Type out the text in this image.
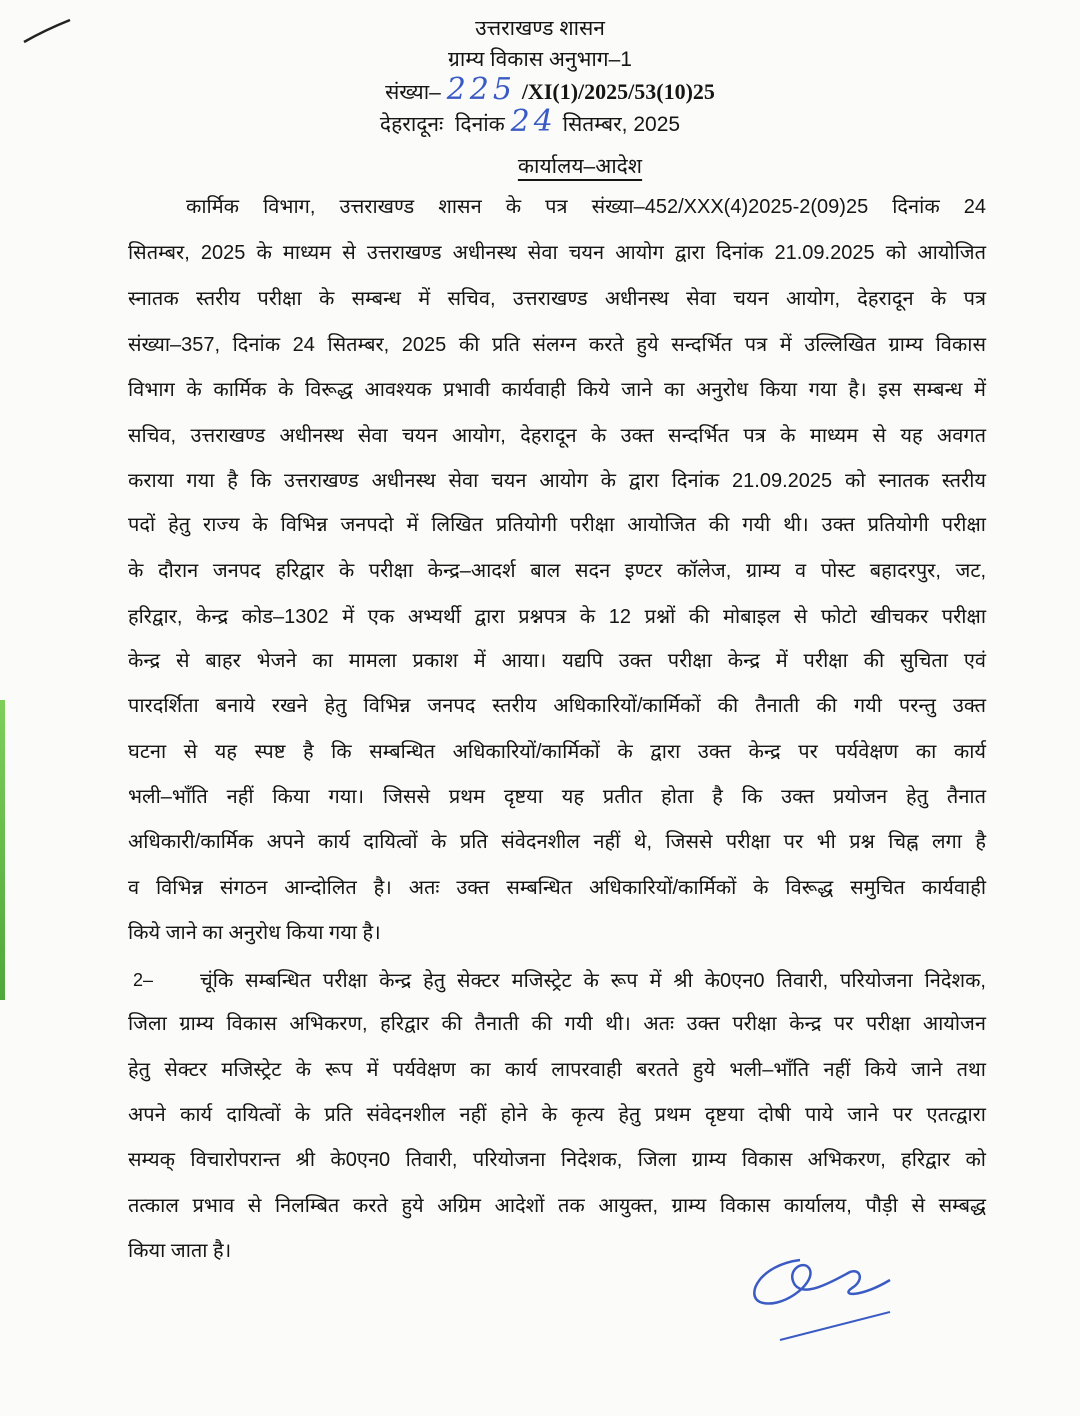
उत्तराखण्ड शासन
ग्राम्य विकास अनुभाग–1
संख्या– 225 /XI(1)/2025/53(10)25
देहरादूनः दिनांक 24 सितम्बर, 2025
कार्यालय–आदेश
कार्मिक विभाग, उत्तराखण्ड शासन के पत्र संख्या–452/XXX(4)2025-2(09)25 दिनांक 24
सितम्बर, 2025 के माध्यम से उत्तराखण्ड अधीनस्थ सेवा चयन आयोग द्वारा दिनांक 21.09.2025 को आयोजित
स्नातक स्तरीय परीक्षा के सम्बन्ध में सचिव, उत्तराखण्ड अधीनस्थ सेवा चयन आयोग, देहरादून के पत्र
संख्या–357, दिनांक 24 सितम्बर, 2025 की प्रति संलग्न करते हुये सन्दर्भित पत्र में उल्लिखित ग्राम्य विकास
विभाग के कार्मिक के विरूद्ध आवश्यक प्रभावी कार्यवाही किये जाने का अनुरोध किया गया है। इस सम्बन्ध में
सचिव, उत्तराखण्ड अधीनस्थ सेवा चयन आयोग, देहरादून के उक्त सन्दर्भित पत्र के माध्यम से यह अवगत
कराया गया है कि उत्तराखण्ड अधीनस्थ सेवा चयन आयोग के द्वारा दिनांक 21.09.2025 को स्नातक स्तरीय
पदों हेतु राज्य के विभिन्न जनपदो में लिखित प्रतियोगी परीक्षा आयोजित की गयी थी। उक्त प्रतियोगी परीक्षा
के दौरान जनपद हरिद्वार के परीक्षा केन्द्र–आदर्श बाल सदन इण्टर कॉलेज, ग्राम्य व पोस्ट बहादरपुर, जट,
हरिद्वार, केन्द्र कोड–1302 में एक अभ्यर्थी द्वारा प्रश्नपत्र के 12 प्रश्नों की मोबाइल से फोटो खीचकर परीक्षा
केन्द्र से बाहर भेजने का मामला प्रकाश में आया। यद्यपि उक्त परीक्षा केन्द्र में परीक्षा की सुचिता एवं
पारदर्शिता बनाये रखने हेतु विभिन्न जनपद स्तरीय अधिकारियों/कार्मिकों की तैनाती की गयी परन्तु उक्त
घटना से यह स्पष्ट है कि सम्बन्धित अधिकारियों/कार्मिकों के द्वारा उक्त केन्द्र पर पर्यवेक्षण का कार्य
भली–भाँति नहीं किया गया। जिससे प्रथम दृष्टया यह प्रतीत होता है कि उक्त प्रयोजन हेतु तैनात
अधिकारी/कार्मिक अपने कार्य दायित्वों के प्रति संवेदनशील नहीं थे, जिससे परीक्षा पर भी प्रश्न चिह्न लगा है
व विभिन्न संगठन आन्दोलित है। अतः उक्त सम्बन्धित अधिकारियों/कार्मिकों के विरूद्ध समुचित कार्यवाही
किये जाने का अनुरोध किया गया है।
चूंकि सम्बन्धित परीक्षा केन्द्र हेतु सेक्टर मजिस्ट्रेट के रूप में श्री के0एन0 तिवारी, परियोजना निदेशक,
जिला ग्राम्य विकास अभिकरण, हरिद्वार की तैनाती की गयी थी। अतः उक्त परीक्षा केन्द्र पर परीक्षा आयोजन
हेतु सेक्टर मजिस्ट्रेट के रूप में पर्यवेक्षण का कार्य लापरवाही बरतते हुये भली–भाँति नहीं किये जाने तथा
अपने कार्य दायित्वों के प्रति संवेदनशील नहीं होने के कृत्य हेतु प्रथम दृष्टया दोषी पाये जाने पर एतत्द्वारा
सम्यक् विचारोपरान्त श्री के0एन0 तिवारी, परियोजना निदेशक, जिला ग्राम्य विकास अभिकरण, हरिद्वार को
तत्काल प्रभाव से निलम्बित करते हुये अग्रिम आदेशों तक आयुक्त, ग्राम्य विकास कार्यालय, पौड़ी से सम्बद्ध
किया जाता है।
2–
